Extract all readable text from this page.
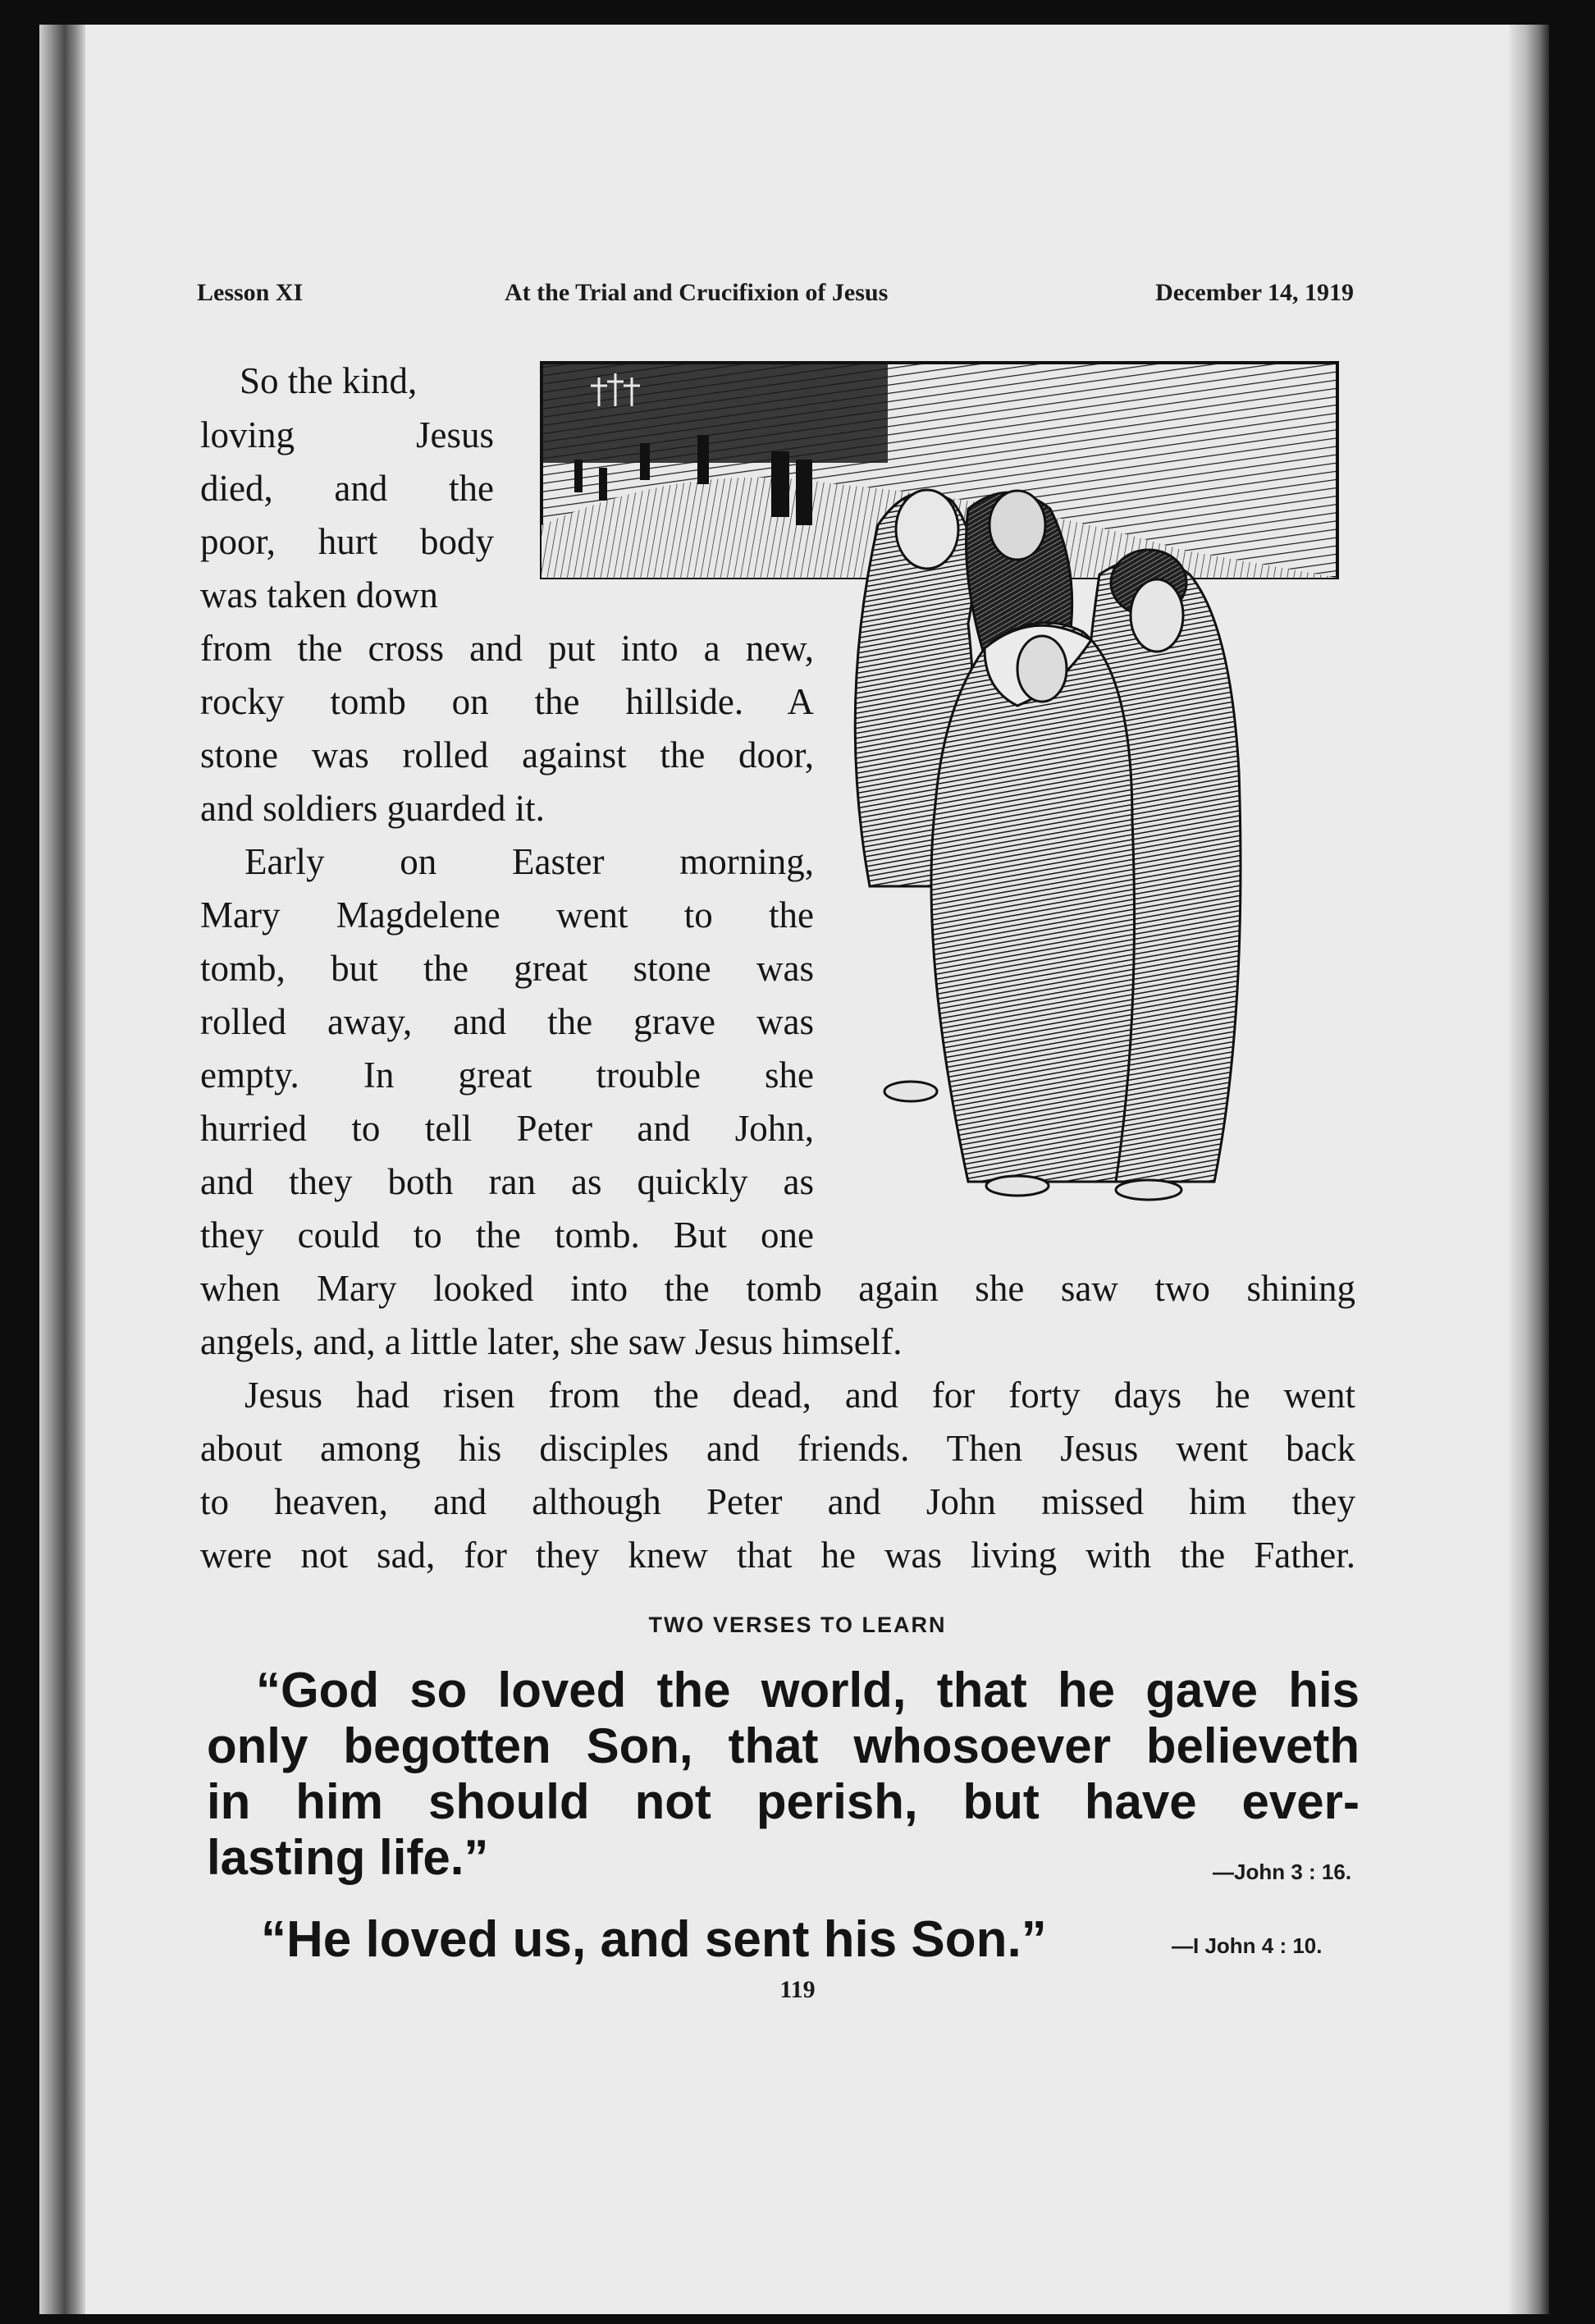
Lesson XI	At the Trial and Crucifixion of Jesus	December 14, 1919
So the kind,
loving Jesus
died, and the
poor, hurt body
was taken down
from the cross and put into a new,
rocky tomb on the hillside. A
stone was rolled against the door,
and soldiers guarded it.
Early on Easter morning,
Mary Magdelene went to the
tomb, but the great stone was
rolled away, and the grave was
empty. In great trouble she
hurried to tell Peter and John,
and they both ran as quickly as
they could to the tomb. But one
when Mary looked into the tomb again she saw two shining
angels, and, a little later, she saw Jesus himself.
Jesus had risen from the dead, and for forty days he went
about among his disciples and friends. Then Jesus went back
to heaven, and although Peter and John missed him they
were not sad, for they knew that he was living with the Father.
TWO VERSES TO LEARN
“God so loved the world, that he gave his
only begotten Son, that whosoever believeth
in him should not perish, but have ever-
lasting life.”	—John 3 : 16.
“He loved us, and sent his Son.”	—I John 4 : 10.
119
